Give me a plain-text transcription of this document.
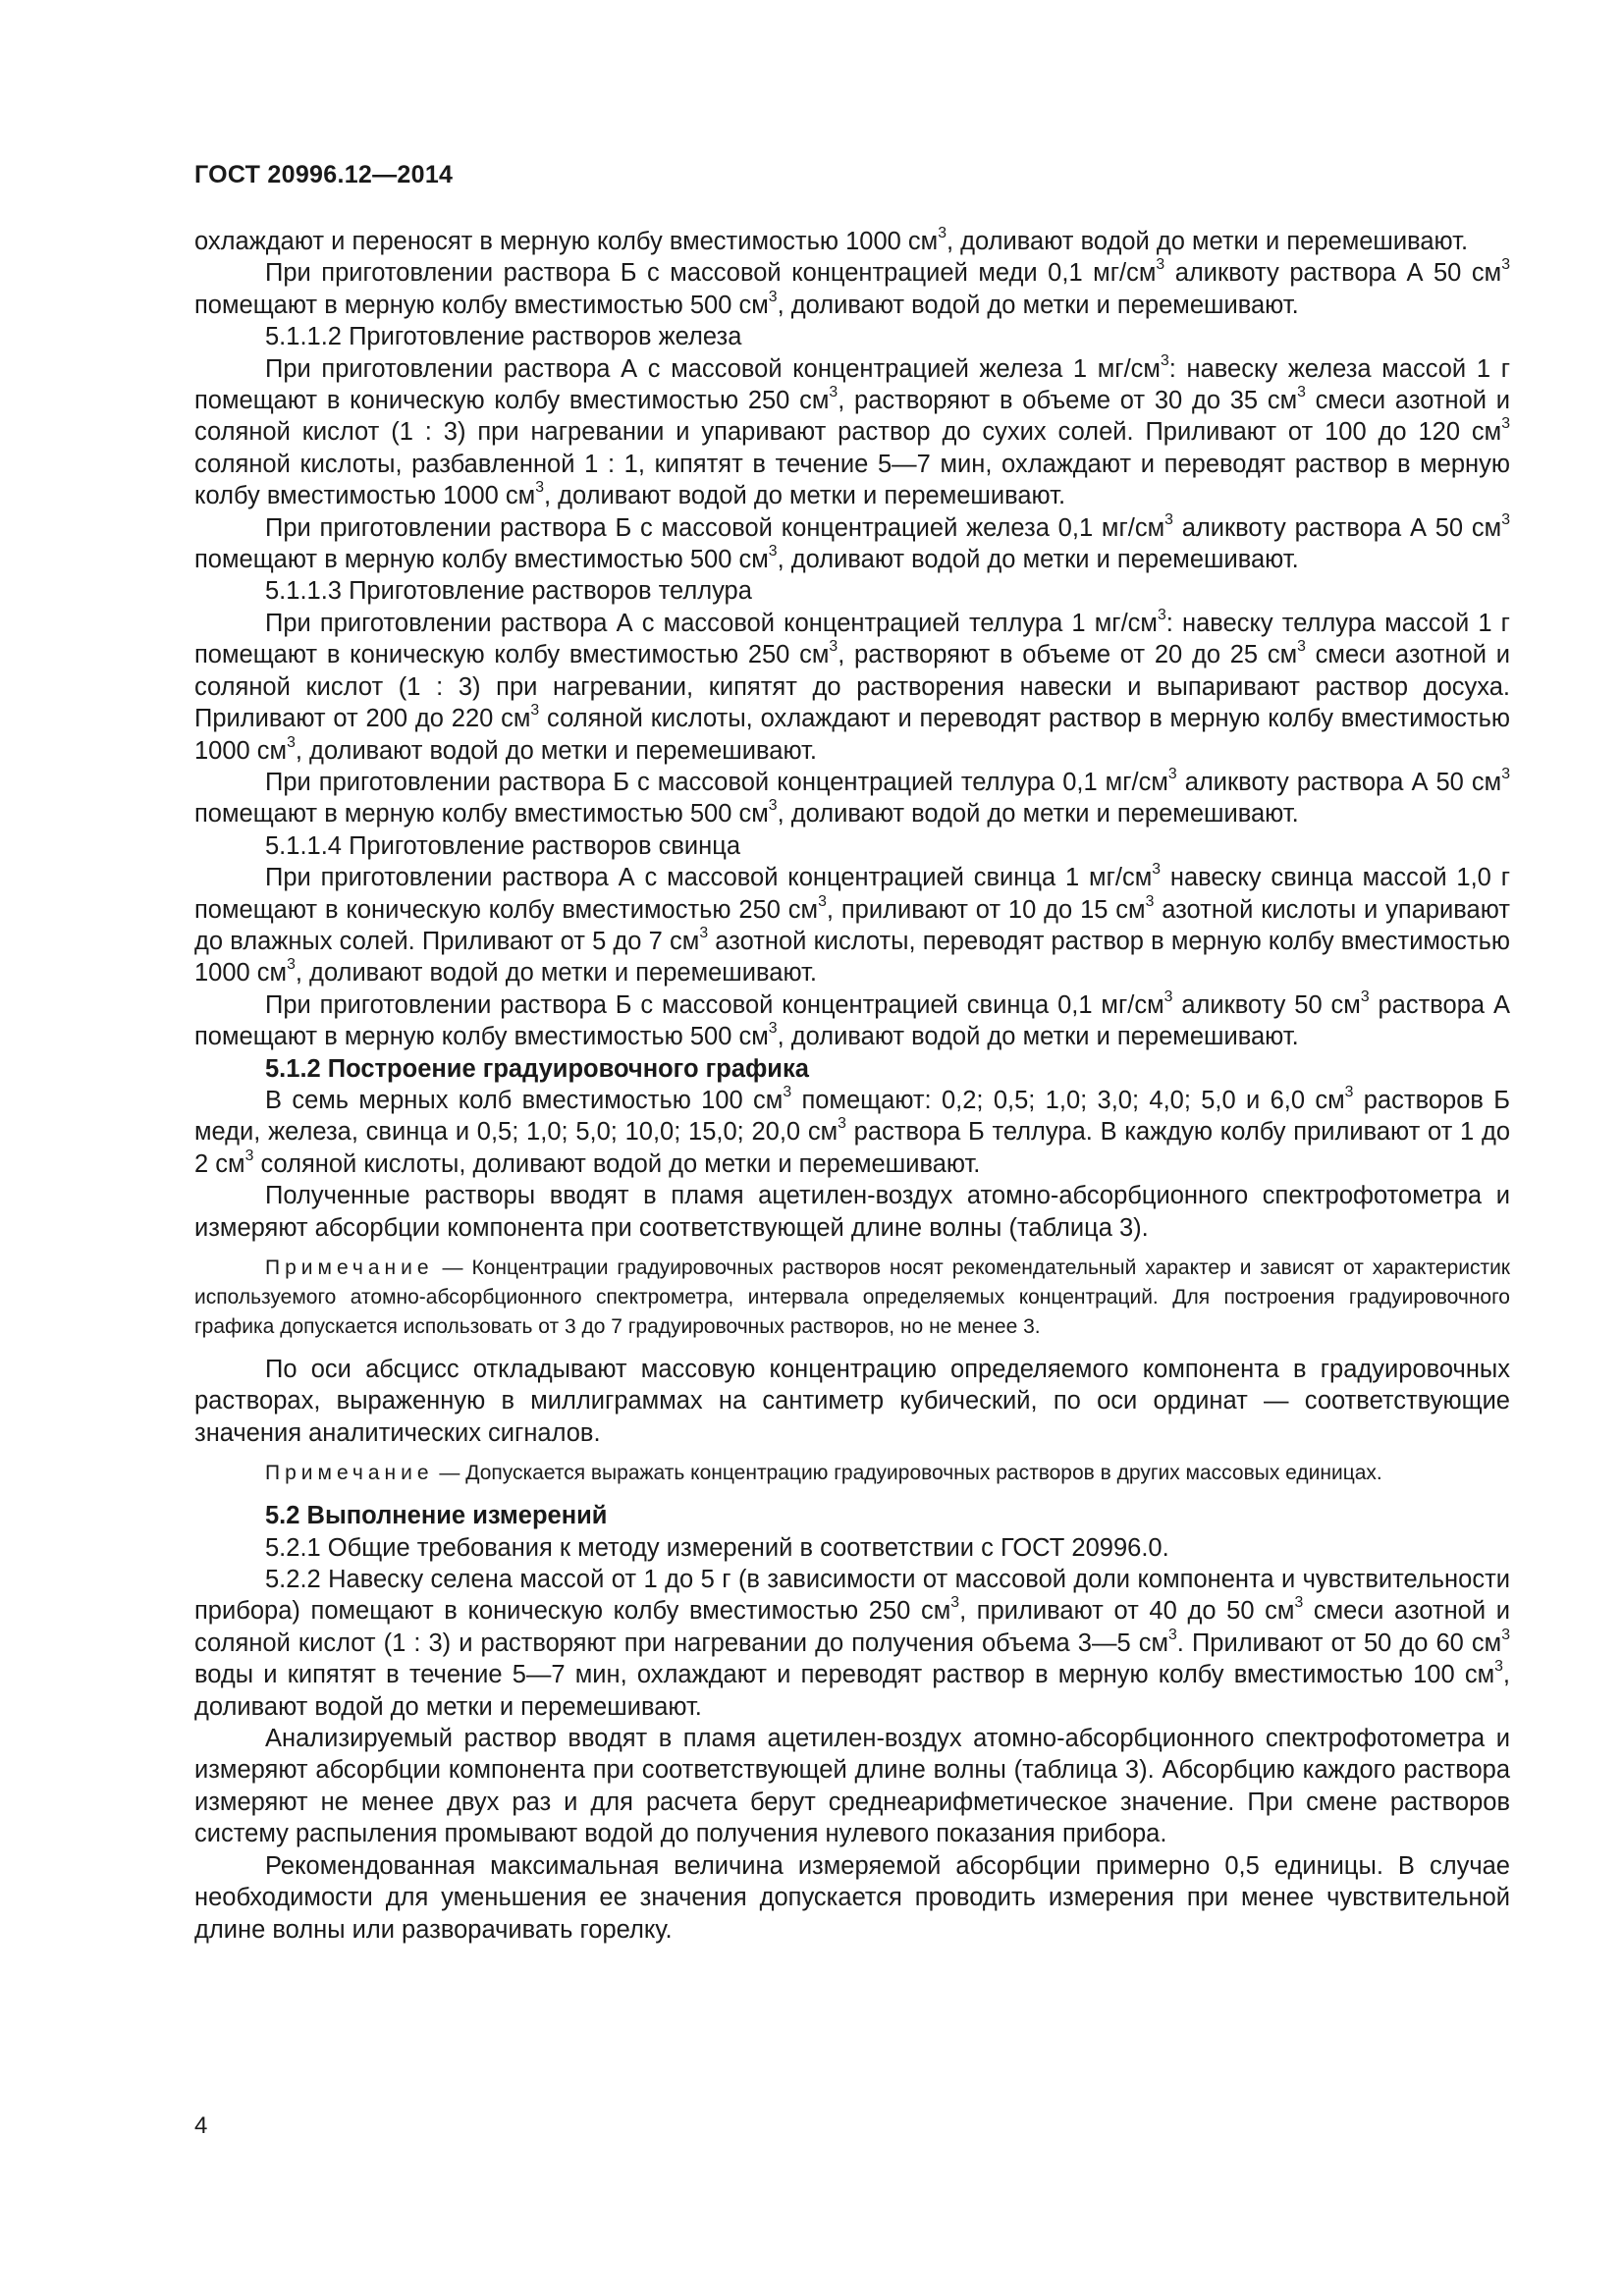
ГОСТ 20996.12—2014

охлаждают и переносят в мерную колбу вместимостью 1000 $см^3$, доливают водой до метки и перемешивают.

При приготовлении раствора Б с массовой концентрацией меди 0,1 $мг/см^3$ аликвоту раствора А 50 $см^3$ помещают в мерную колбу вместимостью 500 $см^3$, доливают водой до метки и перемешивают.

5.1.1.2 Приготовление растворов железа

При приготовлении раствора А с массовой концентрацией железа 1 $мг/см^3$: навеску железа массой 1 г помещают в коническую колбу вместимостью 250 $см^3$, растворяют в объеме от 30 до 35 $см^3$ смеси азотной и соляной кислот (1 : 3) при нагревании и упаривают раствор до сухих солей. Приливают от 100 до 120 $см^3$ соляной кислоты, разбавленной 1 : 1, кипятят в течение 5—7 мин, охлаждают и переводят раствор в мерную колбу вместимостью 1000 $см^3$, доливают водой до метки и перемешивают.

При приготовлении раствора Б с массовой концентрацией железа 0,1 $мг/см^3$ аликвоту раствора А 50 $см^3$ помещают в мерную колбу вместимостью 500 $см^3$, доливают водой до метки и перемешивают.

5.1.1.3 Приготовление растворов теллура

При приготовлении раствора А с массовой концентрацией теллура 1 $мг/см^3$: навеску теллура массой 1 г помещают в коническую колбу вместимостью 250 $см^3$, растворяют в объеме от 20 до 25 $см^3$ смеси азотной и соляной кислот (1 : 3) при нагревании, кипятят до растворения навески и выпаривают раствор досуха. Приливают от 200 до 220 $см^3$ соляной кислоты, охлаждают и переводят раствор в мерную колбу вместимостью 1000 $см^3$, доливают водой до метки и перемешивают.

При приготовлении раствора Б с массовой концентрацией теллура 0,1 $мг/см^3$ аликвоту раствора А 50 $см^3$ помещают в мерную колбу вместимостью 500 $см^3$, доливают водой до метки и перемешивают.

5.1.1.4 Приготовление растворов свинца

При приготовлении раствора А с массовой концентрацией свинца 1 $мг/см^3$ навеску свинца массой 1,0 г помещают в коническую колбу вместимостью 250 $см^3$, приливают от 10 до 15 $см^3$ азотной кислоты и упаривают до влажных солей. Приливают от 5 до 7 $см^3$ азотной кислоты, переводят раствор в мерную колбу вместимостью 1000 $см^3$, доливают водой до метки и перемешивают.

При приготовлении раствора Б с массовой концентрацией свинца 0,1 $мг/см^3$ аликвоту 50 $см^3$ раствора А помещают в мерную колбу вместимостью 500 $см^3$, доливают водой до метки и перемешивают.

5.1.2 Построение градуировочного графика

В семь мерных колб вместимостью 100 $см^3$ помещают: 0,2; 0,5; 1,0; 3,0; 4,0; 5,0 и 6,0 $см^3$ растворов Б меди, железа, свинца и 0,5; 1,0; 5,0; 10,0; 15,0; 20,0 $см^3$ раствора Б теллура. В каждую колбу приливают от 1 до 2 $см^3$ соляной кислоты, доливают водой до метки и перемешивают.

Полученные растворы вводят в пламя ацетилен-воздух атомно-абсорбционного спектрофотометра и измеряют абсорбции компонента при соответствующей длине волны (таблица 3).

Примечание — Концентрации градуировочных растворов носят рекомендательный характер и зависят от характеристик используемого атомно-абсорбционного спектрометра, интервала определяемых концентраций. Для построения градуировочного графика допускается использовать от 3 до 7 градуировочных растворов, но не менее 3.

По оси абсцисс откладывают массовую концентрацию определяемого компонента в градуировочных растворах, выраженную в миллиграммах на сантиметр кубический, по оси ординат — соответствующие значения аналитических сигналов.

Примечание — Допускается выражать концентрацию градуировочных растворов в других массовых единицах.

5.2 Выполнение измерений

5.2.1 Общие требования к методу измерений в соответствии с ГОСТ 20996.0.

5.2.2 Навеску селена массой от 1 до 5 г (в зависимости от массовой доли компонента и чувствительности прибора) помещают в коническую колбу вместимостью 250 $см^3$, приливают от 40 до 50 $см^3$ смеси азотной и соляной кислот (1 : 3) и растворяют при нагревании до получения объема 3—5 $см^3$. Приливают от 50 до 60 $см^3$ воды и кипятят в течение 5—7 мин, охлаждают и переводят раствор в мерную колбу вместимостью 100 $см^3$, доливают водой до метки и перемешивают.

Анализируемый раствор вводят в пламя ацетилен-воздух атомно-абсорбционного спектрофотометра и измеряют абсорбции компонента при соответствующей длине волны (таблица 3). Абсорбцию каждого раствора измеряют не менее двух раз и для расчета берут среднеарифметическое значение. При смене растворов систему распыления промывают водой до получения нулевого показания прибора.

Рекомендованная максимальная величина измеряемой абсорбции примерно 0,5 единицы. В случае необходимости для уменьшения ее значения допускается проводить измерения при менее чувствительной длине волны или разворачивать горелку.

4
